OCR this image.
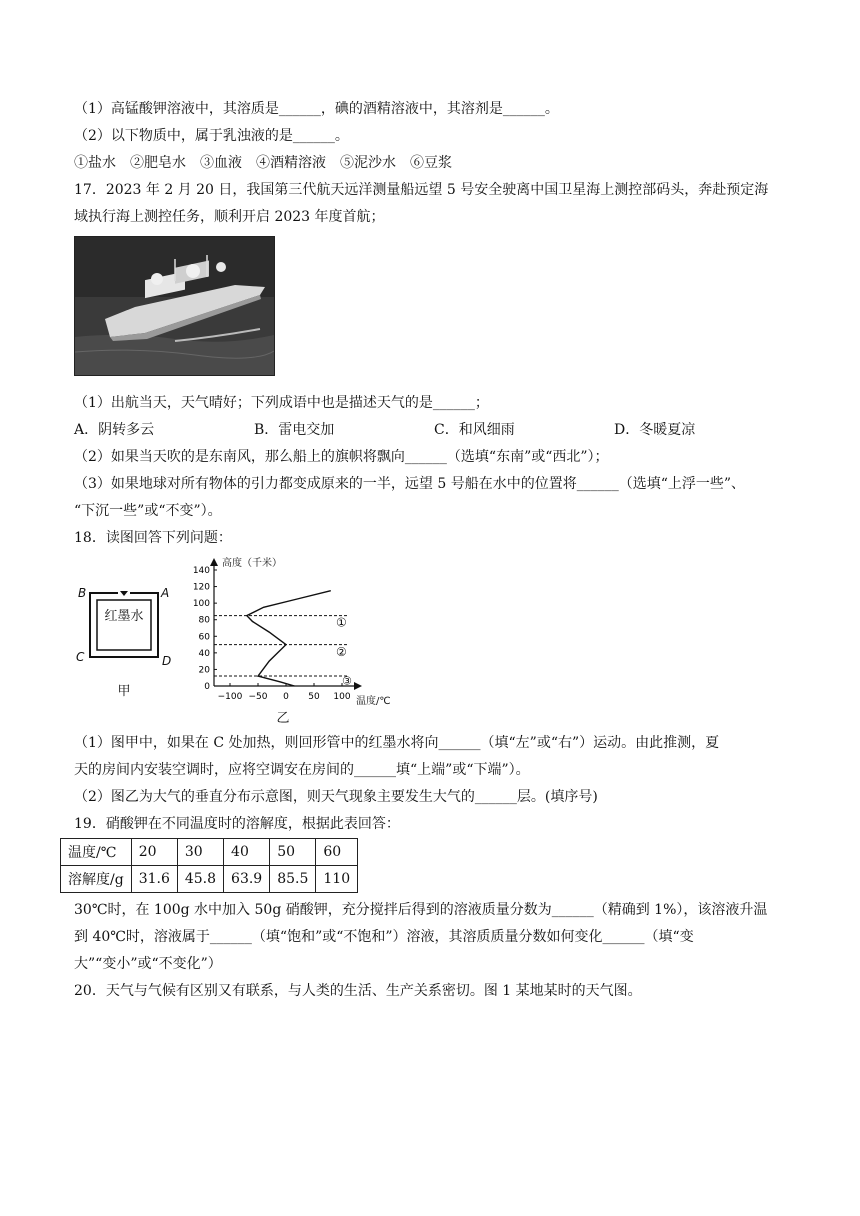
（1）高锰酸钾溶液中，其溶质是______，碘的酒精溶液中，其溶剂是______。
（2）以下物质中，属于乳浊液的是______。
①盐水　②肥皂水　③血液　④酒精溶液　⑤泥沙水　⑥豆浆
17．2023 年 2 月 20 日，我国第三代航天远洋测量船远望 5 号安全驶离中国卫星海上测控部码头，奔赴预定海
域执行海上测控任务，顺利开启 2023 年度首航；
（1）出航当天，天气晴好；下列成语中也是描述天气的是______；
A．阴转多云	B．雷电交加	C．和风细雨	D．冬暖夏凉
（2）如果当天吹的是东南风，那么船上的旗帜将飘向______（选填“东南”或“西北”）；
（3）如果地球对所有物体的引力都变成原来的一半，远望 5 号船在水中的位置将______（选填“上浮一些”、
“下沉一些”或“不变”）。
18．读图回答下列问题：
B	A
C	D
红墨水
甲
高度（千米）
温度/℃
140
120
100
80
60
40
20
0
−100 −50 0 50 100
①
②
③
乙
（1）图甲中，如果在 C 处加热，则回形管中的红墨水将向______（填“左”或“右”）运动。由此推测，夏
天的房间内安装空调时，应将空调安在房间的______填“上端”或“下端”）。
（2）图乙为大气的垂直分布示意图，则天气现象主要发生大气的______层。(填序号)
19．硝酸钾在不同温度时的溶解度，根据此表回答：
温度/℃	20	30	40	50	60
溶解度/g	31.6	45.8	63.9	85.5	110
30℃时，在 100g 水中加入 50g 硝酸钾，充分搅拌后得到的溶液质量分数为______（精确到 1%），该溶液升温
到 40℃时，溶液属于______（填“饱和”或“不饱和”）溶液，其溶质质量分数如何变化______（填“变
大”“变小”或“不变化”）
20．天气与气候有区别又有联系，与人类的生活、生产关系密切。图 1 某地某时的天气图。
